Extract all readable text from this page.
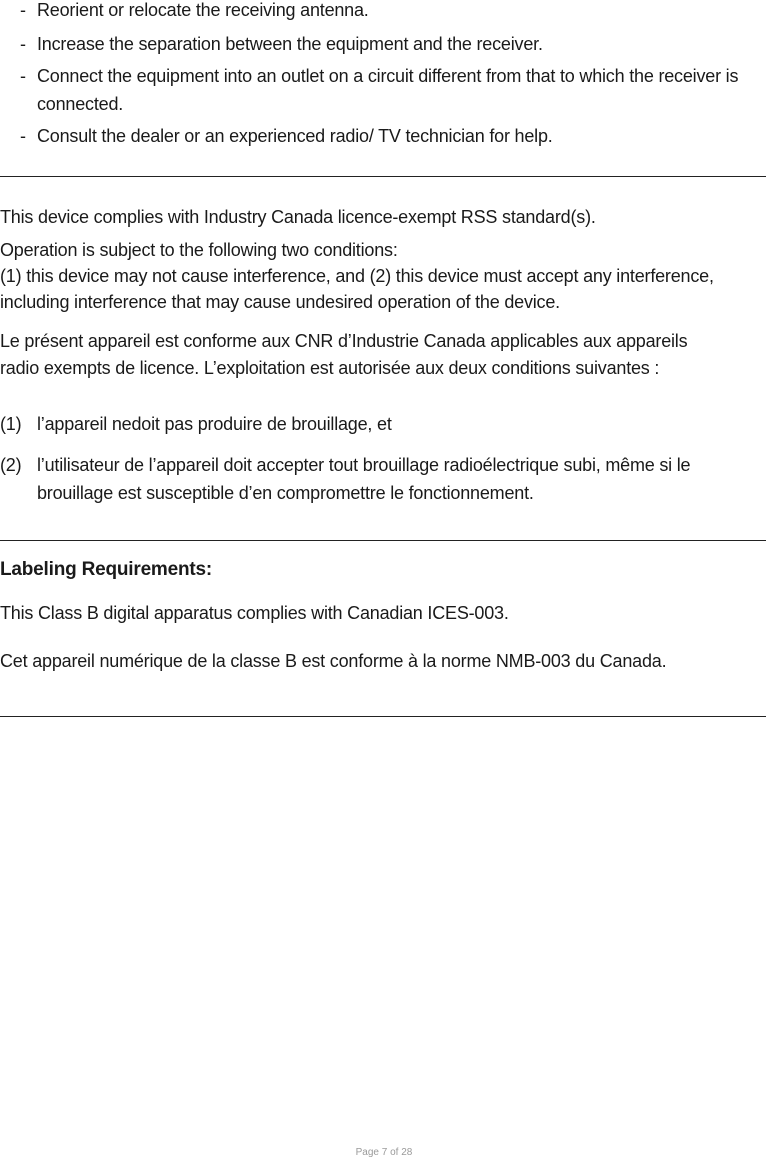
- Reorient or relocate the receiving antenna.
- Increase the separation between the equipment and the receiver.
- Connect the equipment into an outlet on a circuit different from that to which the receiver is connected.
- Consult the dealer or an experienced radio/ TV technician for help.
This device complies with Industry Canada licence-exempt RSS standard(s).
Operation is subject to the following two conditions:
(1) this device may not cause interference, and (2) this device must accept any interference,
including interference that may cause undesired operation of the device.
Le présent appareil est conforme aux CNR d’Industrie Canada applicables aux appareils
radio exempts de licence. L’exploitation est autorisée aux deux conditions suivantes :
(1) l’appareil nedoit pas produire de brouillage, et
(2) l’utilisateur de l’appareil doit accepter tout brouillage radioélectrique subi, même si le brouillage est susceptible d’en compromettre le fonctionnement.
Labeling Requirements:
This Class B digital apparatus complies with Canadian ICES-003.
Cet appareil numérique de la classe B est conforme à la norme NMB-003 du Canada.
Page 7 of 28
